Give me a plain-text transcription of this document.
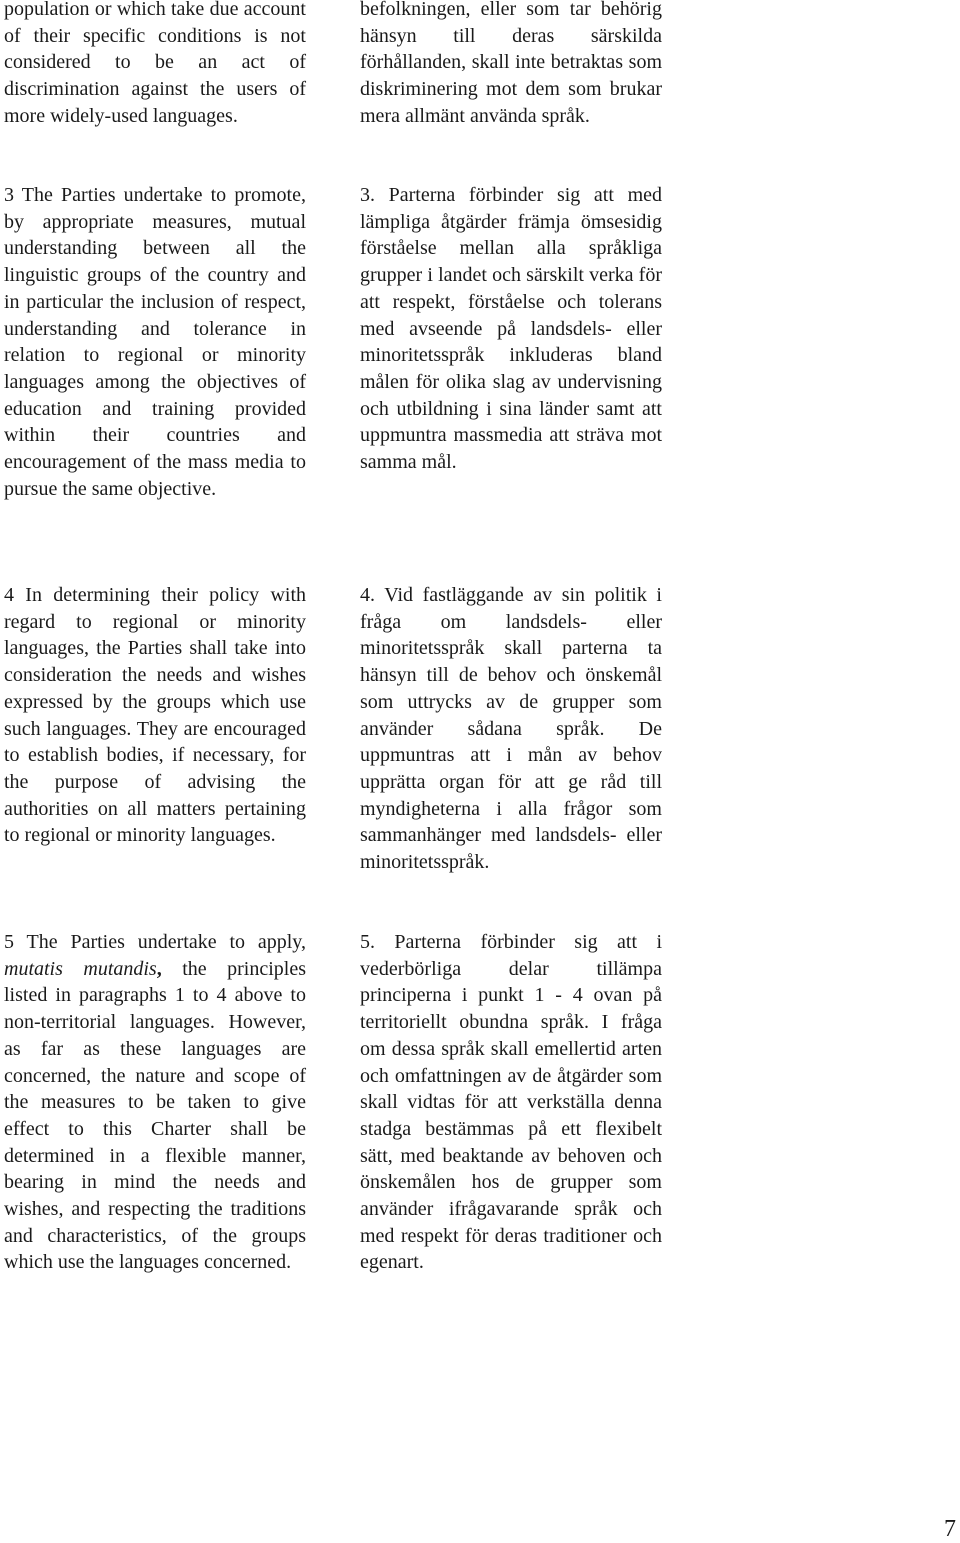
population or which take due account of their specific conditions is not considered to be an act of discrimination against the users of more widely-used languages.

3 The Parties undertake to promote, by appropriate measures, mutual understanding between all the linguistic groups of the country and in particular the inclusion of respect, understanding and tolerance in relation to regional or minority languages among the objectives of education and training provided within their countries and encouragement of the mass media to pursue the same objective.

4 In determining their policy with regard to regional or minority languages, the Parties shall take into consideration the needs and wishes expressed by the groups which use such languages. They are encouraged to establish bodies, if necessary, for the purpose of advising the authorities on all matters pertaining to regional or minority languages.

5 The Parties undertake to apply, mutatis mutandis, the principles listed in paragraphs 1 to 4 above to non-territorial languages. However, as far as these languages are concerned, the nature and scope of the measures to be taken to give effect to this Charter shall be determined in a flexible manner, bearing in mind the needs and wishes, and respecting the traditions and characteristics, of the groups which use the languages concerned.

befolkningen, eller som tar behörig hänsyn till deras särskilda förhållanden, skall inte betraktas som diskriminering mot dem som brukar mera allmänt använda språk.

3. Parterna förbinder sig att med lämpliga åtgärder främja ömsesidig förståelse mellan alla språkliga grupper i landet och särskilt verka för att respekt, förståelse och tolerans med avseende på landsdels- eller minoritetsspråk inkluderas bland målen för olika slag av undervisning och utbildning i sina länder samt att uppmuntra massmedia att sträva mot samma mål.

4. Vid fastläggande av sin politik i fråga om landsdels- eller minoritetsspråk skall parterna ta hänsyn till de behov och önskemål som uttrycks av de grupper som använder sådana språk. De uppmuntras att i mån av behov upprätta organ för att ge råd till myndigheterna i alla frågor som sammanhänger med landsdels- eller minoritetsspråk.

5. Parterna förbinder sig att i vederbörliga delar tillämpa principerna i punkt 1 - 4 ovan på territoriellt obundna språk. I fråga om dessa språk skall emellertid arten och omfattningen av de åtgärder som skall vidtas för att verkställa denna stadga bestämmas på ett flexibelt sätt, med beaktande av behoven och önskemålen hos de grupper som använder ifrågavarande språk och med respekt för deras traditioner och egenart.

7
